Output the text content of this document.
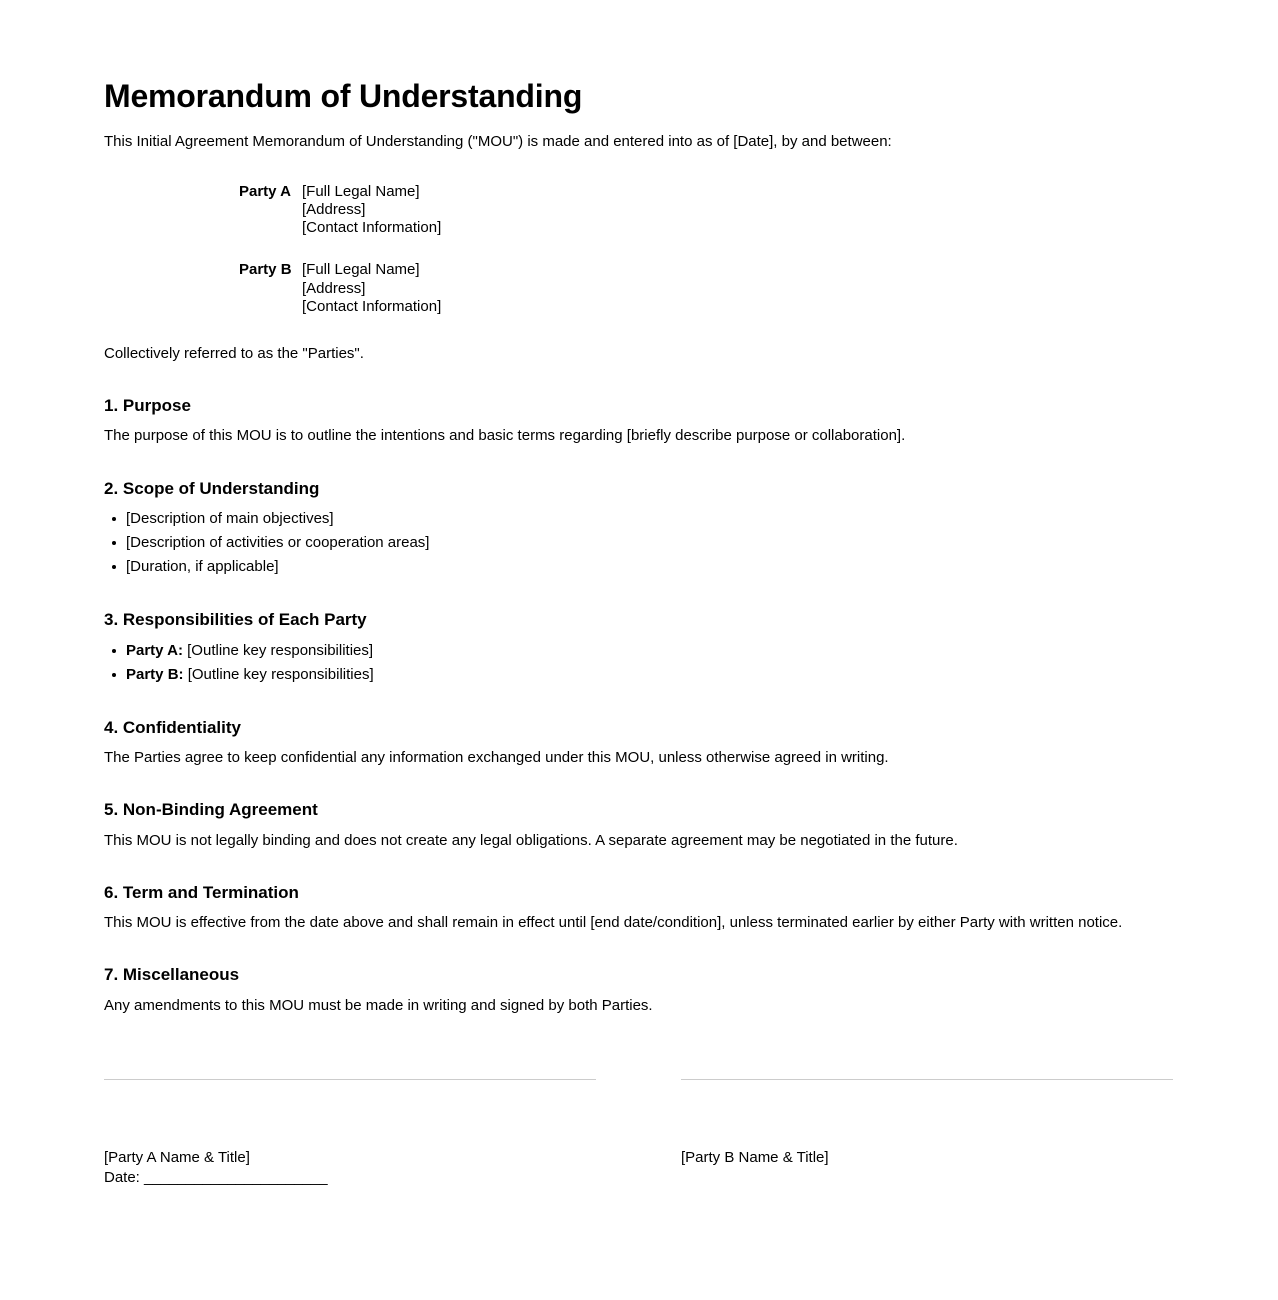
Memorandum of Understanding

This Initial Agreement Memorandum of Understanding ("MOU") is made and entered into as of [Date], by and between:

Party A [Full Legal Name]
[Address]
[Contact Information]
Party B [Full Legal Name]
[Address]
[Contact Information]

Collectively referred to as the "Parties".

1. Purpose

The purpose of this MOU is to outline the intentions and basic terms regarding [briefly describe purpose or collaboration].

2. Scope of Understanding
[Description of main objectives]
[Description of activities or cooperation areas]
[Duration, if applicable]
3. Responsibilities of Each Party
Party A: [Outline key responsibilities]
Party B: [Outline key responsibilities]
4. Confidentiality

The Parties agree to keep confidential any information exchanged under this MOU, unless otherwise agreed in writing.

5. Non-Binding Agreement

This MOU is not legally binding and does not create any legal obligations. A separate agreement may be negotiated in the future.

6. Term and Termination

This MOU is effective from the date above and shall remain in effect until [end date/condition], unless terminated earlier by either Party with written notice.

7. Miscellaneous

Any amendments to this MOU must be made in writing and signed by both Parties.

[Party A Name & Title]
Date: ______________________
[Party B Name & Title]
